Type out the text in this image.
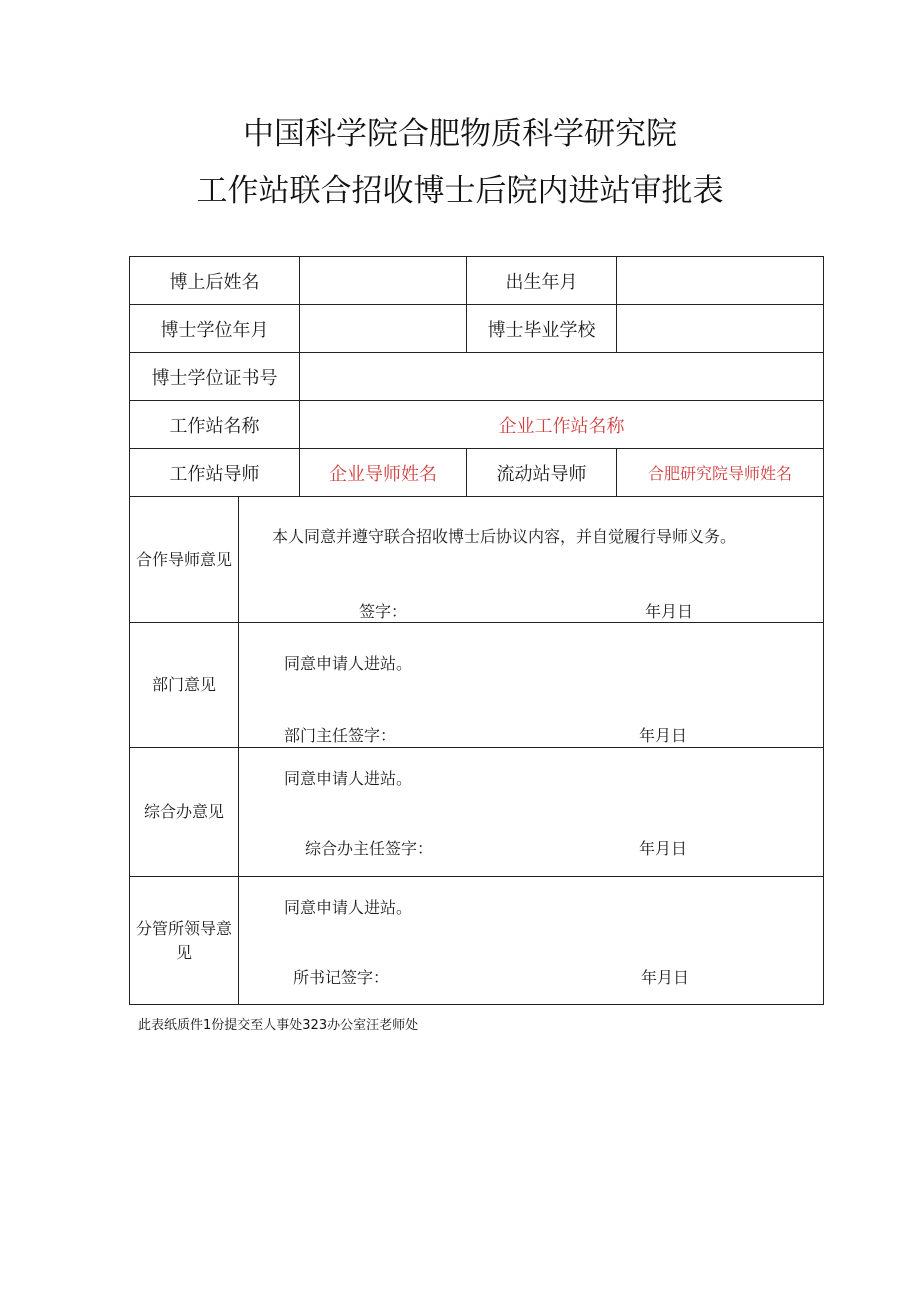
中国科学院合肥物质科学研究院
工作站联合招收博士后院内进站审批表
博上后姓名			出生年月	
博士学位年月			博士毕业学校	
博士学位证书号				
工作站名称		企业工作站名称		
工作站导师		企业导师姓名	流动站导师	合肥研究院导师姓名
合作导师意见	本人同意并遵守联合招收博士后协议内容，并自觉履行导师义务。
签字： 年月日			

部门意见	同意申请人进站。
部门主任签字： 年月日			

综合办意见	同意申请人进站。
综合办主任签字： 年月日			

分管所领导意见	同意申请人进站。
所书记签字： 年月日			
此表纸质件1份提交至人事处323办公室汪老师处
